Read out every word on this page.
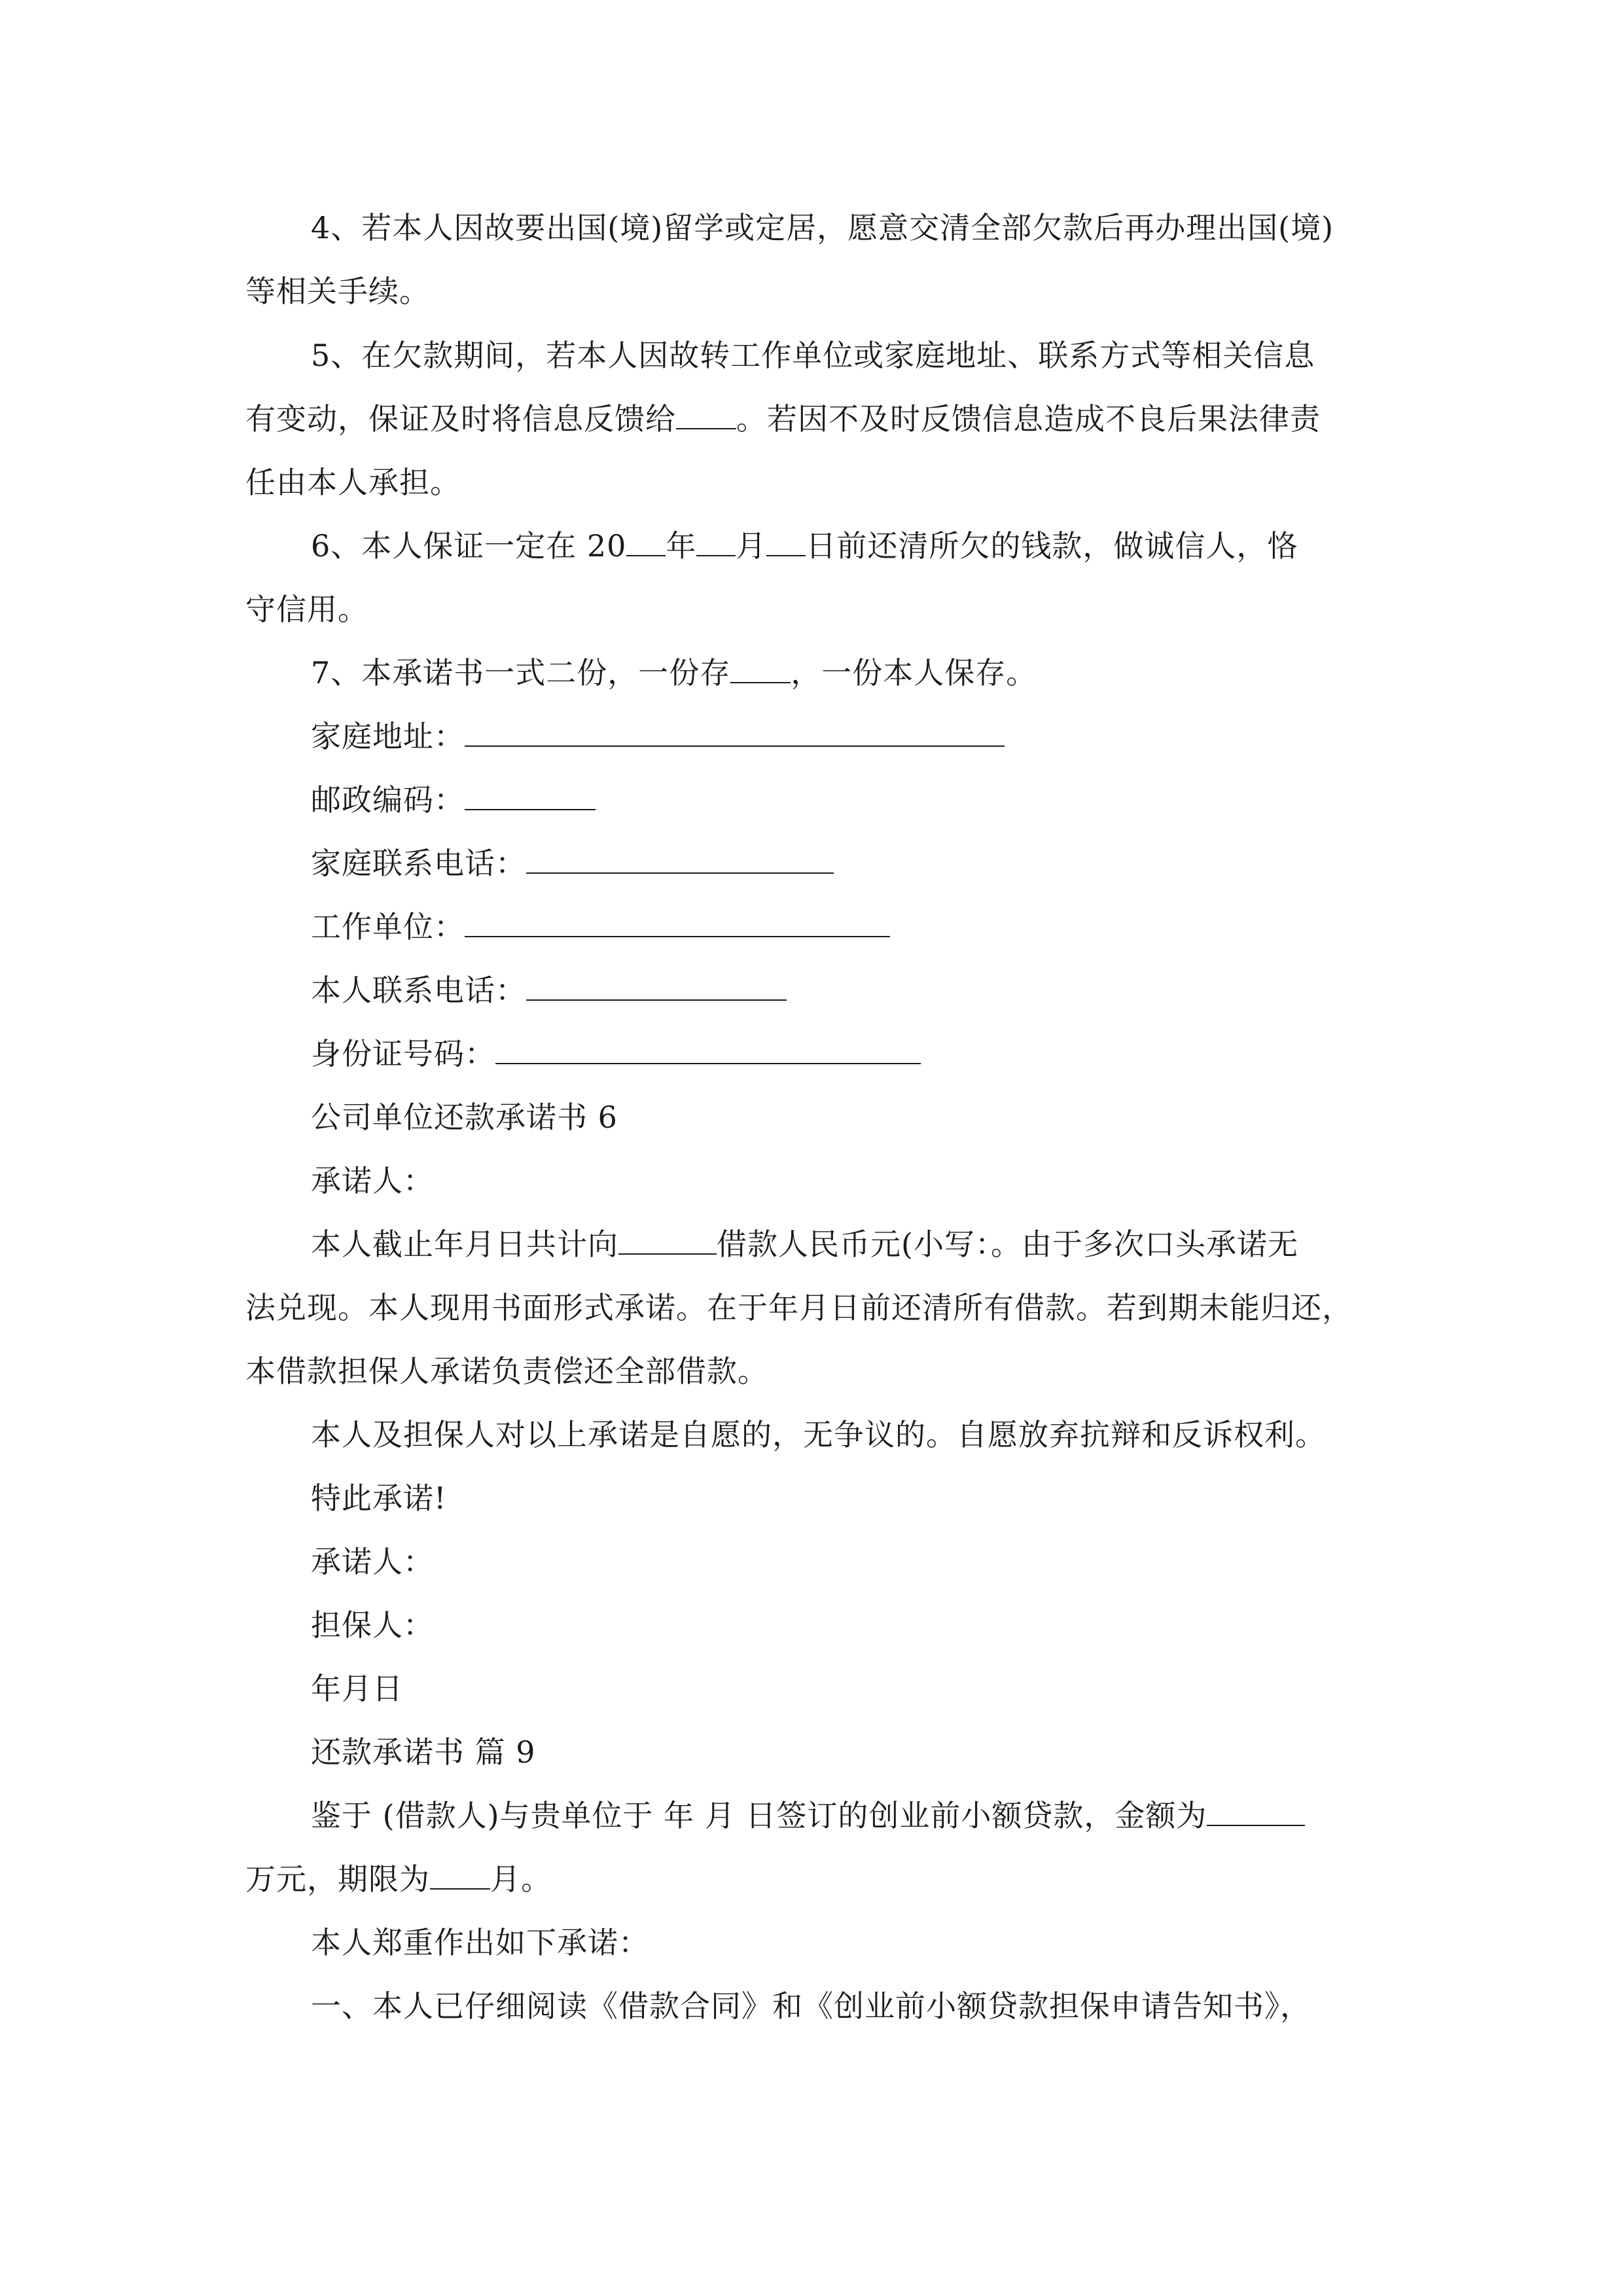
4、若本人因故要出国(境)留学或定居，愿意交清全部欠款后再办理出国(境)
等相关手续。
5、在欠款期间，若本人因故转工作单位或家庭地址、联系方式等相关信息
有变动，保证及时将信息反馈给 。若因不及时反馈信息造成不良后果法律责
任由本人承担。
6、本人保证一定在 20 年 月 日前还清所欠的钱款，做诚信人，恪
守信用。
7、本承诺书一式二份，一份存 ，一份本人保存。
家庭地址：
邮政编码：
家庭联系电话：
工作单位：
本人联系电话：
身份证号码：
公司单位还款承诺书 6
承诺人：
本人截止年月日共计向	借款人民币元(小写：。由于多次口头承诺无
法兑现。本人现用书面形式承诺。在于年月日前还清所有借款。若到期未能归还，
本借款担保人承诺负责偿还全部借款。
本人及担保人对以上承诺是自愿的，无争议的。自愿放弃抗辩和反诉权利。
特此承诺!
承诺人：
担保人：
年月日
还款承诺书 篇 9
鉴于 (借款人)与贵单位于 年 月 日签订的创业前小额贷款，金额为
万元，期限为 月。
本人郑重作出如下承诺：
一、本人已仔细阅读《借款合同》和《创业前小额贷款担保申请告知书》，
